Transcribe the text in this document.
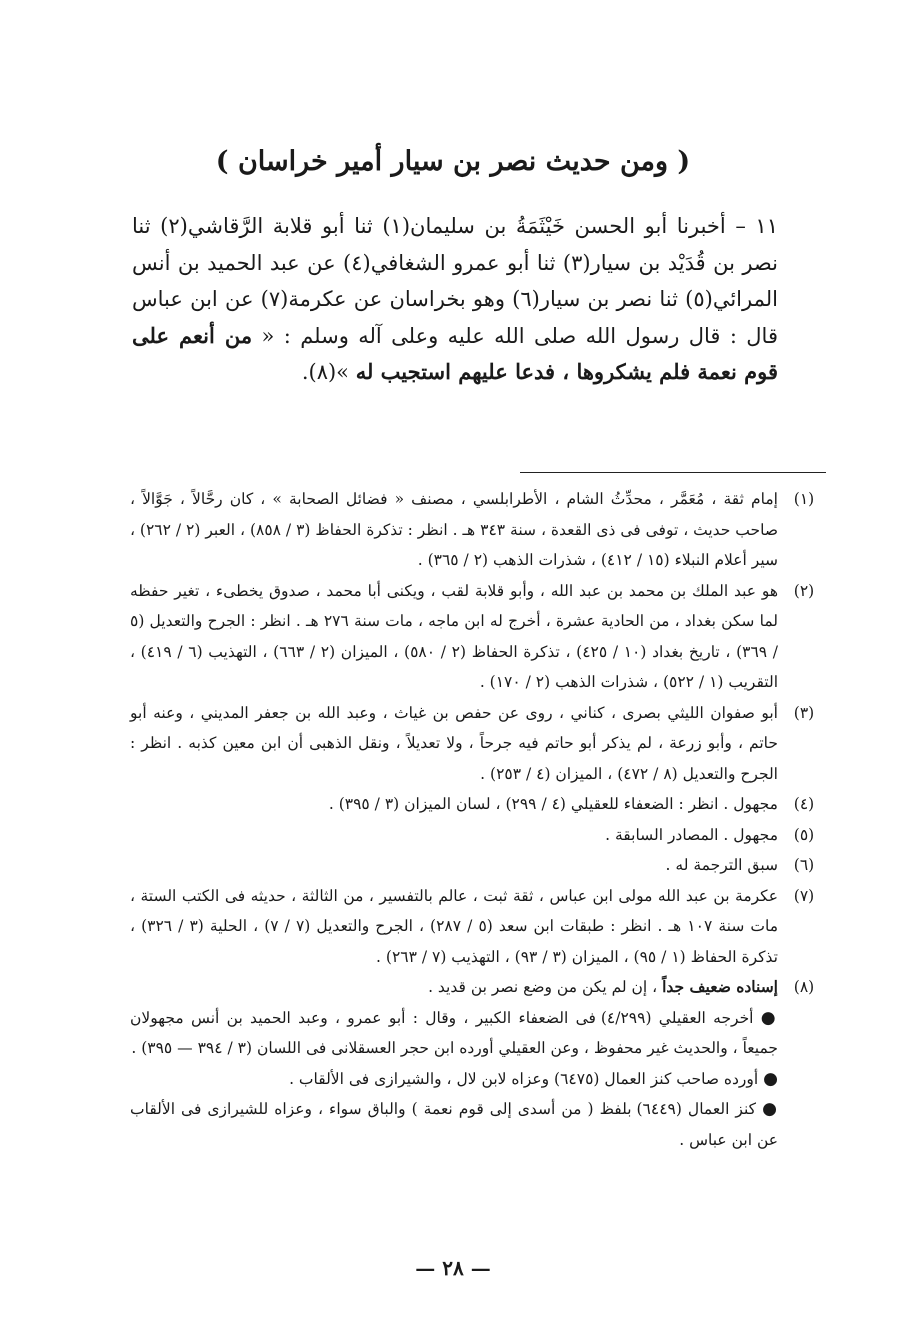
( ومن حديث نصر بن سيار أمير خراسان )
١١ – أخبرنا أبو الحسن خَيْثَمَةُ بن سليمان(١) ثنا أبو قلابة الرَّقاشي(٢) ثنا نصر بن قُدَيْد بن سيار(٣) ثنا أبو عمرو الشغافي(٤) عن عبد الحميد بن أنس المرائي(٥) ثنا نصر بن سيار(٦) وهو بخراسان عن عكرمة(٧) عن ابن عباس قال : قال رسول الله صلى الله عليه وعلى آله وسلم : « من أنعم على قوم نعمة فلم يشكروها ، فدعا عليهم استجيب له »(٨).
(١)
إمام ثقة ، مُعَمَّر ، محدِّثُ الشام ، الأطرابلسي ، مصنف « فضائل الصحابة » ، كان رحَّالاً ، جَوَّالاً ، صاحب حديث ، توفى فى ذى القعدة ، سنة ٣٤٣ هـ . انظر : تذكرة الحفاظ (٣ / ٨٥٨) ، العبر (٢ / ٢٦٢) ، سير أعلام النبلاء (١٥ / ٤١٢) ، شذرات الذهب (٢ / ٣٦٥) .
(٢)
هو عبد الملك بن محمد بن عبد الله ، وأبو قلابة لقب ، ويكنى أبا محمد ، صدوق يخطىء ، تغير حفظه لما سكن بغداد ، من الحادية عشرة ، أخرج له ابن ماجه ، مات سنة ٢٧٦ هـ . انظر : الجرح والتعديل (٥ / ٣٦٩) ، تاريخ بغداد (١٠ / ٤٢٥) ، تذكرة الحفاظ (٢ / ٥٨٠) ، الميزان (٢ / ٦٦٣) ، التهذيب (٦ / ٤١٩) ، التقريب (١ / ٥٢٢) ، شذرات الذهب (٢ / ١٧٠) .
(٣)
أبو صفوان الليثي بصرى ، كناني ، روى عن حفص بن غياث ، وعبد الله بن جعفر المديني ، وعنه أبو حاتم ، وأبو زرعة ، لم يذكر أبو حاتم فيه جرحاً ، ولا تعديلاً ، ونقل الذهبى أن ابن معين كذبه . انظر : الجرح والتعديل (٨ / ٤٧٢) ، الميزان (٤ / ٢٥٣) .
(٤)
مجهول . انظر : الضعفاء للعقيلي (٤ / ٢٩٩) ، لسان الميزان (٣ / ٣٩٥) .
(٥)
مجهول . المصادر السابقة .
(٦)
سبق الترجمة له .
(٧)
عكرمة بن عبد الله مولى ابن عباس ، ثقة ثبت ، عالم بالتفسير ، من الثالثة ، حديثه فى الكتب الستة ، مات سنة ١٠٧ هـ . انظر : طبقات ابن سعد (٥ / ٢٨٧) ، الجرح والتعديل (٧ / ٧) ، الحلية (٣ / ٣٢٦) ، تذكرة الحفاظ (١ / ٩٥) ، الميزان (٣ / ٩٣) ، التهذيب (٧ / ٢٦٣) .
(٨)

إسناده ضعيف جداً ، إن لم يكن من وضع نصر بن قديد .

● أخرجه العقيلي (٤/٢٩٩) فى الضعفاء الكبير ، وقال : أبو عمرو ، وعبد الحميد بن أنس مجهولان جميعاً ، والحديث غير محفوظ ، وعن العقيلي أورده ابن حجر العسقلانى فى اللسان (٣ / ٣٩٤ — ٣٩٥) .

● أورده صاحب كنز العمال (٦٤٧٥) وعزاه لابن لال ، والشيرازى فى الألقاب .

● كنز العمال (٦٤٤٩) بلفظ ( من أسدى إلى قوم نعمة ) والباق سواء ، وعزاه للشيرازى فى الألقاب عن ابن عباس .

— ٢٨ —
